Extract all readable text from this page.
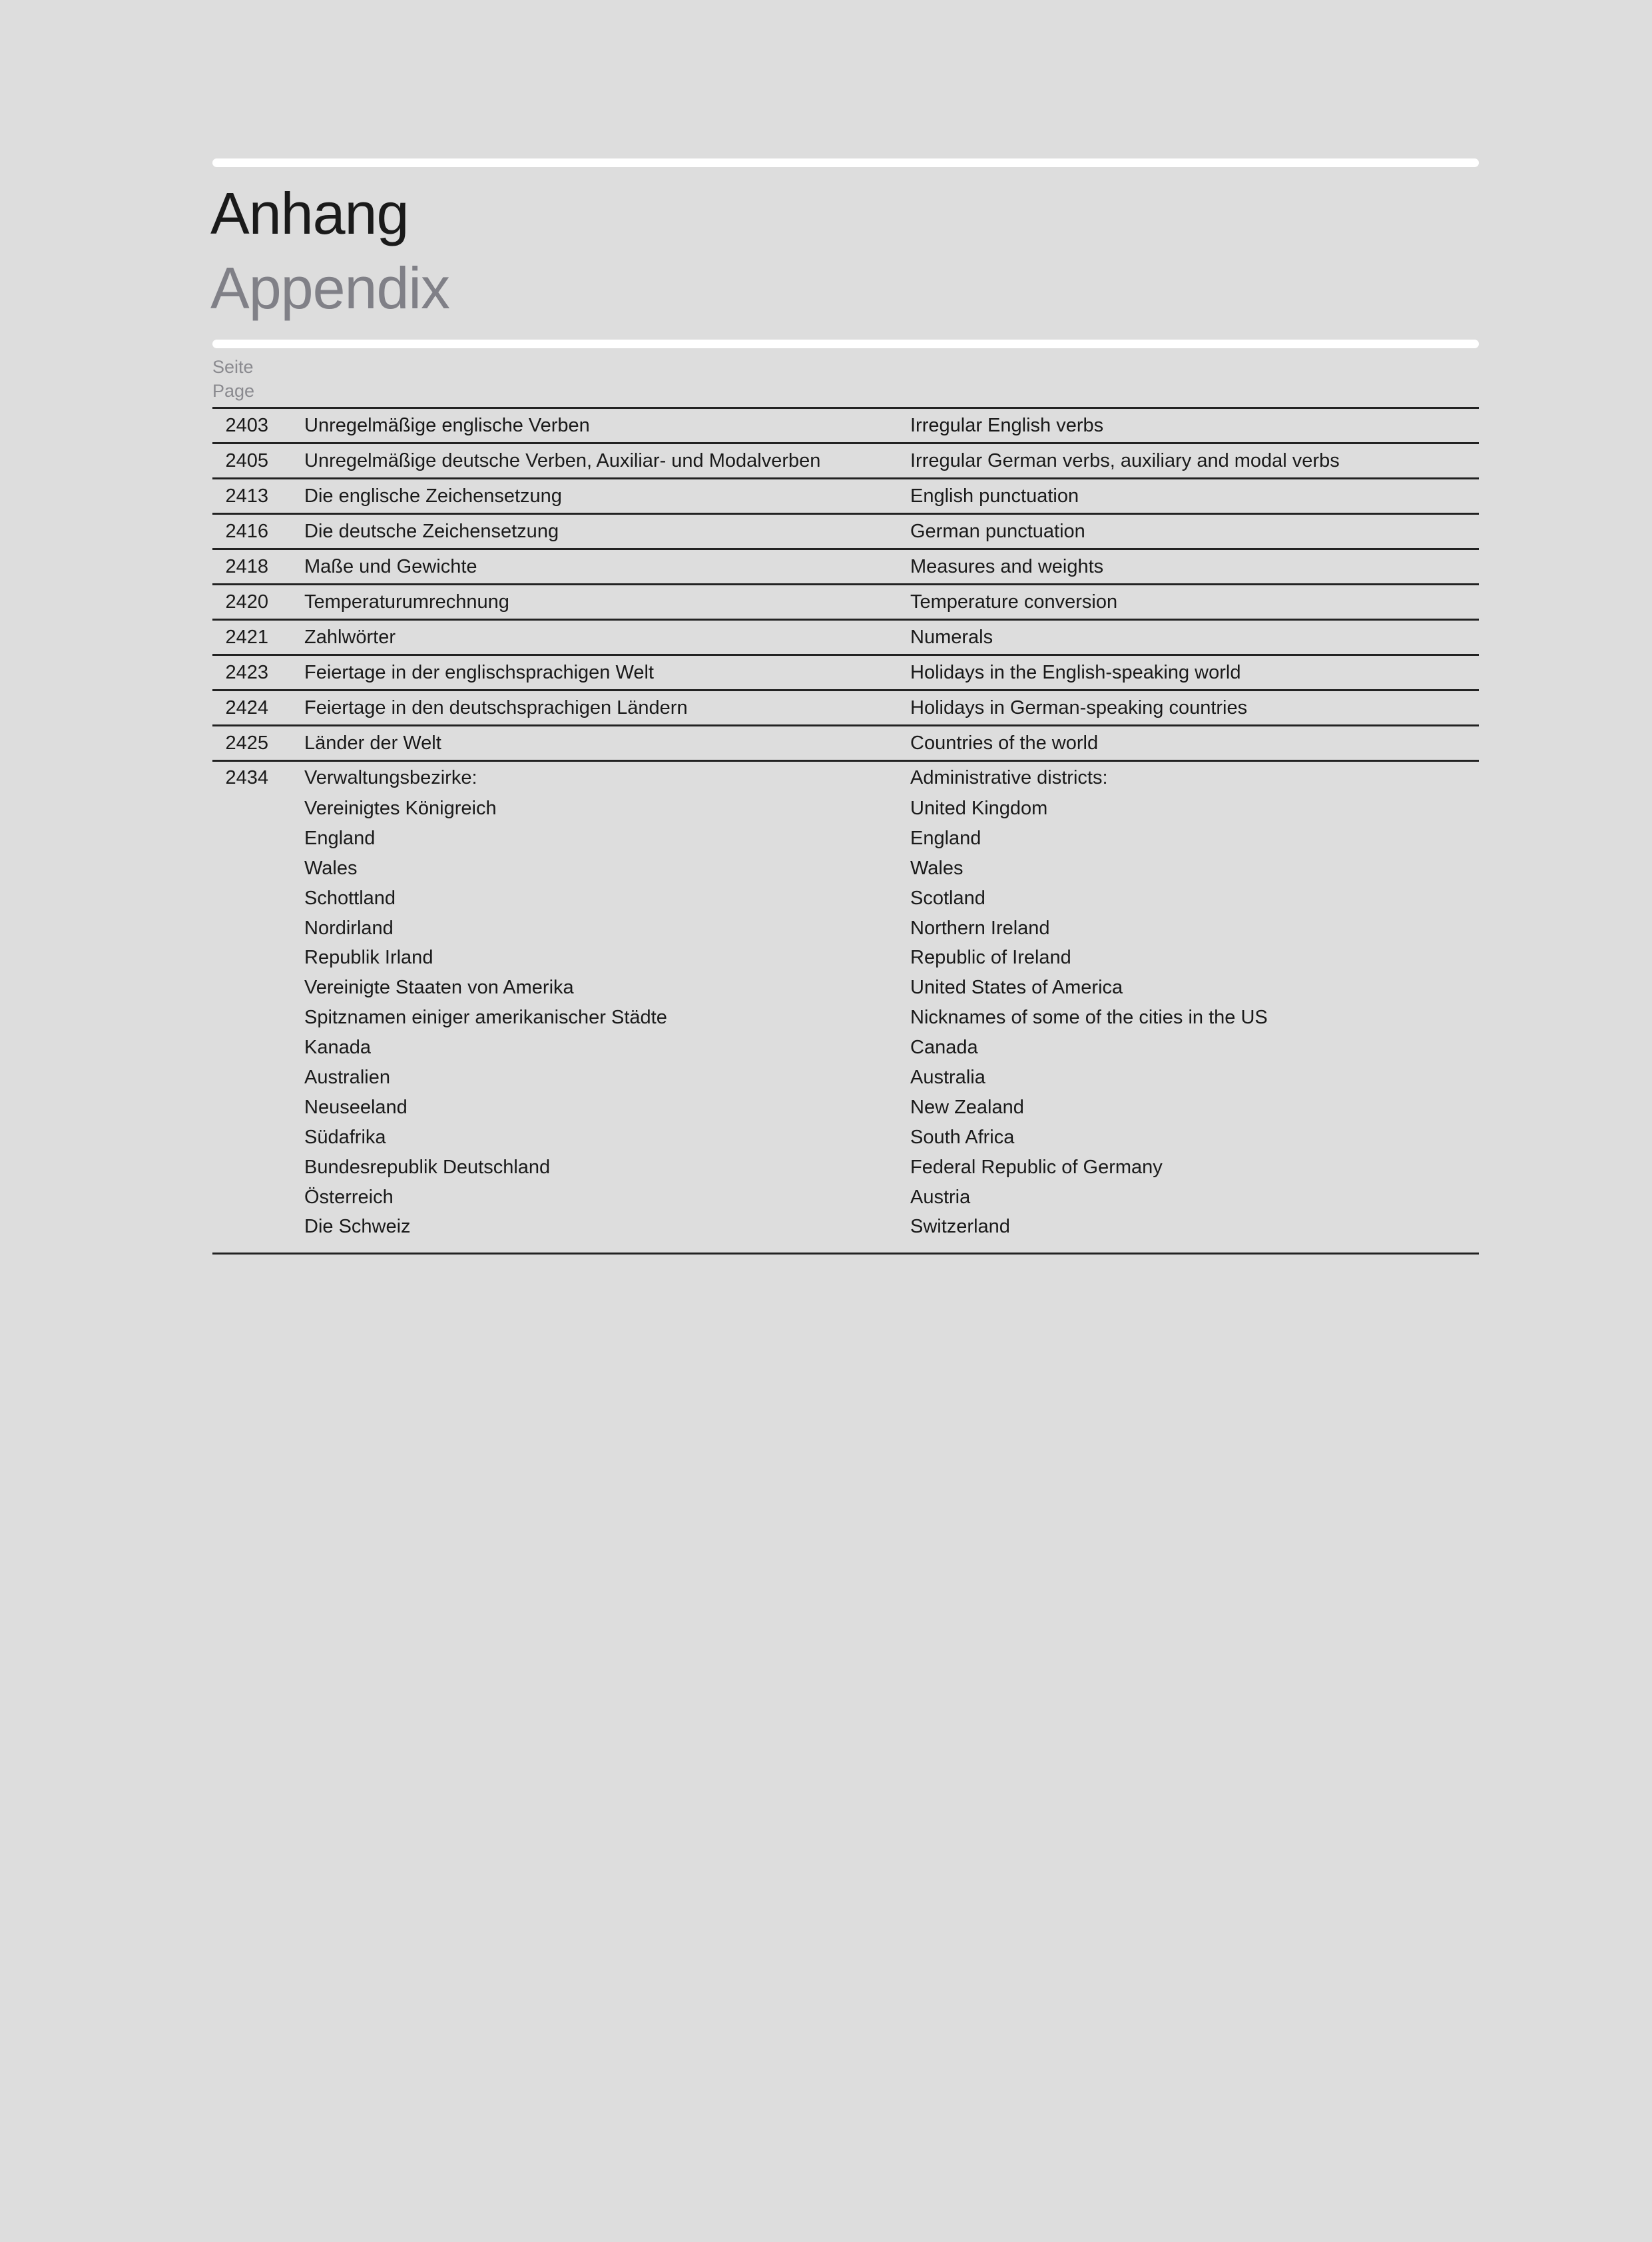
Anhang
Appendix
Seite
Page
2403 Unregelmäßige englische Verben	Irregular English verbs
2405 Unregelmäßige deutsche Verben, Auxiliar- und Modalverben	Irregular German verbs, auxiliary and modal verbs
2413 Die englische Zeichensetzung	English punctuation
2416 Die deutsche Zeichensetzung	German punctuation
2418 Maße und Gewichte	Measures and weights
2420 Temperaturumrechnung	Temperature conversion
2421 Zahlwörter	Numerals
2423 Feiertage in der englischsprachigen Welt	Holidays in the English-speaking world
2424 Feiertage in den deutschsprachigen Ländern	Holidays in German-speaking countries
2425 Länder der Welt	Countries of the world
2434 Verwaltungsbezirke:	Administrative districts:
Vereinigtes Königreich	United Kingdom
England	England
Wales	Wales
Schottland	Scotland
Nordirland	Northern Ireland
Republik Irland	Republic of Ireland
Vereinigte Staaten von Amerika	United States of America
Spitznamen einiger amerikanischer Städte	Nicknames of some of the cities in the US
Kanada	Canada
Australien	Australia
Neuseeland	New Zealand
Südafrika	South Africa
Bundesrepublik Deutschland	Federal Republic of Germany
Österreich	Austria
Die Schweiz	Switzerland
